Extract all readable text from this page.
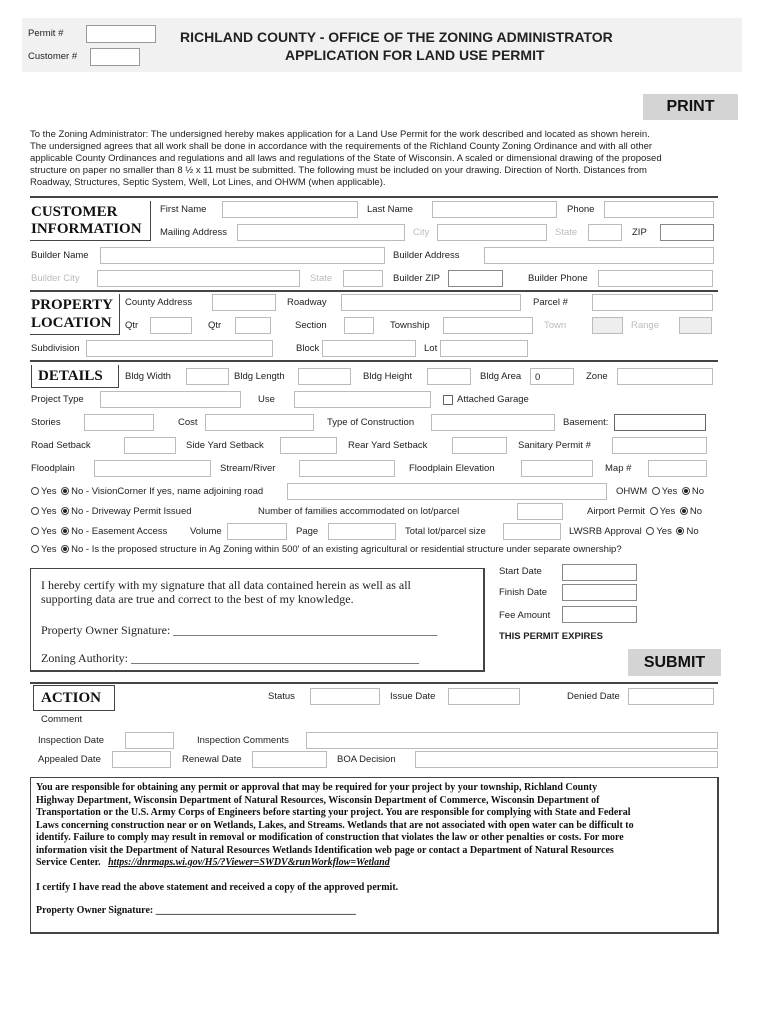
Permit #
Customer #
RICHLAND COUNTY - OFFICE OF THE ZONING ADMINISTRATOR
APPLICATION FOR LAND USE PERMIT
PRINT
To the Zoning Administrator: The undersigned hereby makes application for a Land Use Permit for the work described and located as shown herein.
The undersigned agrees that all work shall be done in accordance with the requirements of the Richland County Zoning Ordinance and with all other
applicable County Ordinances and regulations and all laws and regulations of the State of Wisconsin. A scaled or dimensional drawing of the proposed
structure on paper no smaller than 8 ½ x 11 must be submitted. The following must be included on your drawing. Direction of North. Distances from
Roadway, Structures, Septic System, Well, Lot Lines, and OHWM (when applicable).
CUSTOMER
INFORMATION
First Name	Last Name	Phone
Mailing Address	City	State	ZIP
Builder Name	Builder Address
Builder City	State	Builder ZIP	Builder Phone
PROPERTY
LOCATION
County Address	Roadway	Parcel #
Qtr	Qtr	Section	Township	Town	Range
Subdivision	Block	Lot
DETAILS Bldg Width	Bldg Length	Bldg Height	Bldg Area	0	Zone
Project Type	Use	Attached Garage
Stories	Cost	Type of Construction	Basement:
Road Setback	Side Yard Setback	Rear Yard Setback	Sanitary Permit #
Floodplain	Stream/River	Floodplain Elevation	Map #
Yes No - VisionCorner If yes, name adjoining road	OHWM Yes No
Yes No - Driveway Permit Issued	Number of families accommodated on lot/parcel	Airport Permit Yes No
Yes No - Easement Access Volume	Page	Total lot/parcel size	LWSRB Approval Yes No
Yes No - Is the proposed structure in Ag Zoning within 500' of an existing agricultural or residential structure under separate ownership?
I hereby certify with my signature that all data contained herein as well as all
supporting data are true and correct to the best of my knowledge.
Property Owner Signature: ____________________________________________
Zoning Authority: ________________________________________________
Start Date
Finish Date
Fee Amount
THIS PERMIT EXPIRES
SUBMIT
ACTION	Status	Issue Date	Denied Date
Comment
Inspection Date	Inspection Comments
Appealed Date	Renewal Date	BOA Decision
You are responsible for obtaining any permit or approval that may be required for your project by your township, Richland County
Highway Department, Wisconsin Department of Natural Resources, Wisconsin Department of Commerce, Wisconsin Department of
Transportation or the U.S. Army Corps of Engineers before starting your project. You are responsible for complying with State and Federal
Laws concerning construction near or on Wetlands, Lakes, and Streams. Wetlands that are not associated with open water can be difficult to
identify. Failure to comply may result in removal or modification of construction that violates the law or other penalties or costs. For more
information visit the Department of Natural Resources Wetlands Identification web page or contact a Department of Natural Resources
Service Center. https://dnrmaps.wi.gov/H5/?Viewer=SWDV&runWorkflow=Wetland
I certify I have read the above statement and received a copy of the approved permit.
Property Owner Signature: ________________________________________
